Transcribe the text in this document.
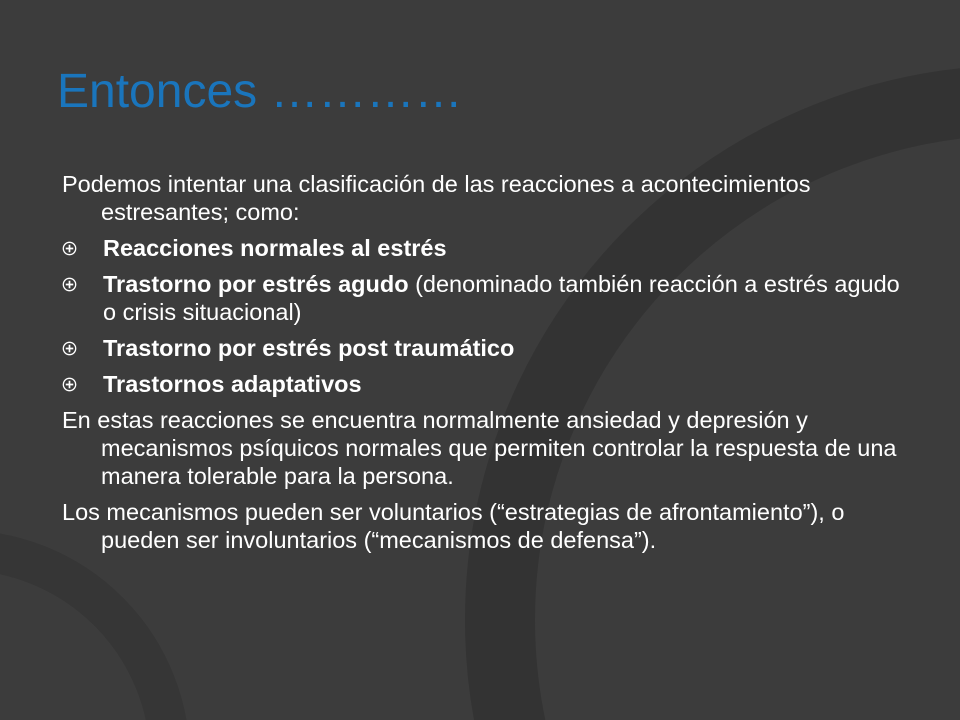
Entonces …………

Podemos intentar una clasificación de las reacciones a acontecimientos estresantes; como:

Reacciones normales al estrés
Trastorno por estrés agudo (denominado también reacción a estrés agudo o crisis situacional)
Trastorno por estrés post traumático
Trastornos adaptativos

En estas reacciones se encuentra normalmente ansiedad y depresión y mecanismos psíquicos normales que permiten controlar la respuesta de una manera tolerable para la persona.

Los mecanismos pueden ser voluntarios (“estrategias de afrontamiento”), o pueden ser involuntarios (“mecanismos de defensa”).
